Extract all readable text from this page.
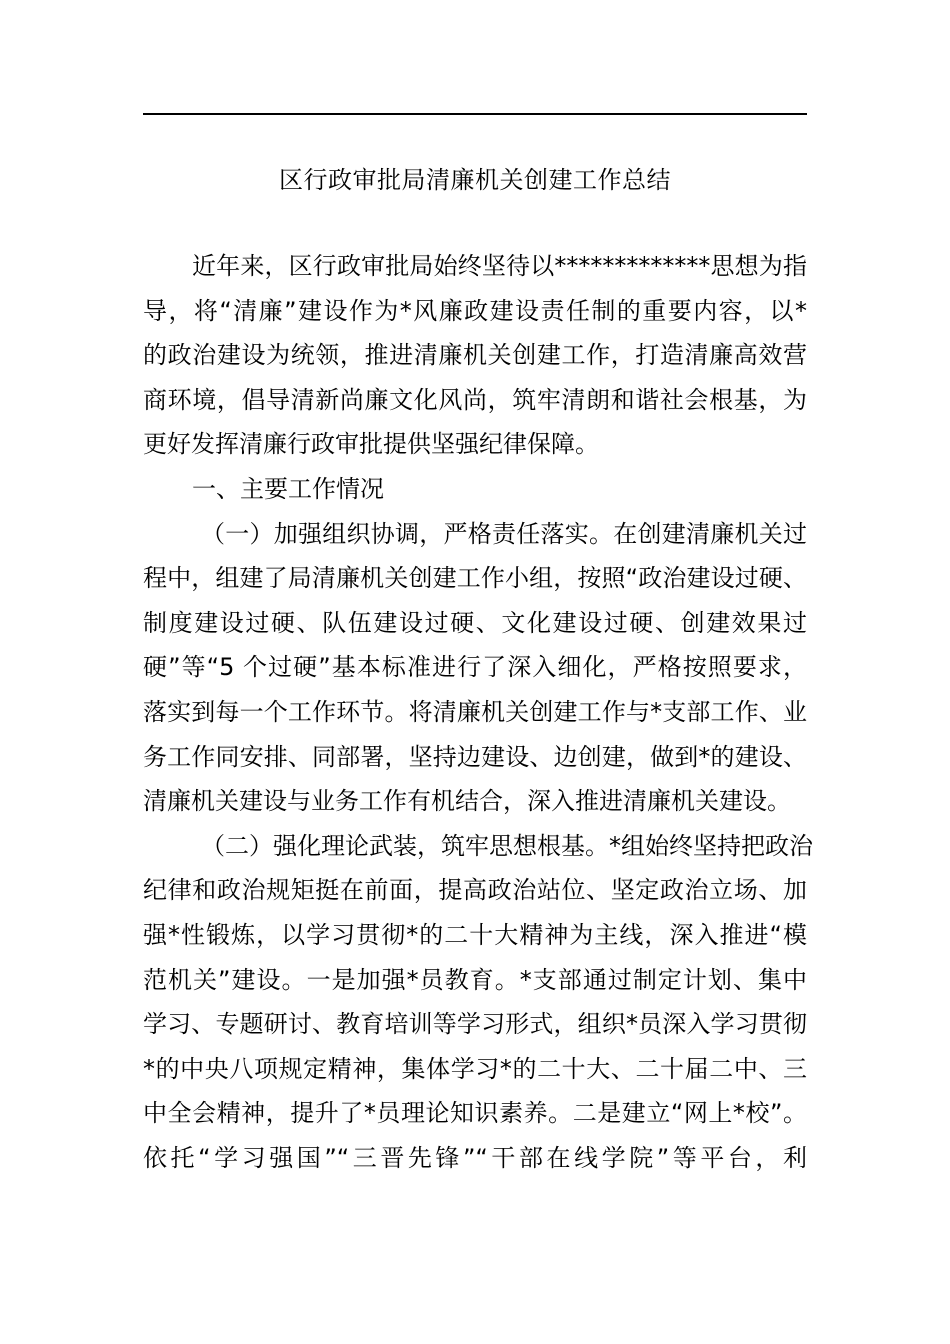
区行政审批局清廉机关创建工作总结
近年来，区行政审批局始终坚待以*************思想为指
导，将“清廉”建设作为*风廉政建设责任制的重要内容，以*
的政治建设为统领，推进清廉机关创建工作，打造清廉高效营
商环境，倡导清新尚廉文化风尚，筑牢清朗和谐社会根基，为
更好发挥清廉行政审批提供坚强纪律保障。
一、主要工作情况
（一）加强组织协调，严格责任落实。在创建清廉机关过
程中，组建了局清廉机关创建工作小组，按照“政治建设过硬、
制度建设过硬、队伍建设过硬、文化建设过硬、创建效果过
硬”等“5 个过硬”基本标准进行了深入细化，严格按照要求，
落实到每一个工作环节。将清廉机关创建工作与*支部工作、业
务工作同安排、同部署，坚持边建设、边创建，做到*的建设、
清廉机关建设与业务工作有机结合，深入推进清廉机关建设。
（二）强化理论武装，筑牢思想根基。*组始终坚持把政治
纪律和政治规矩挺在前面，提高政治站位、坚定政治立场、加
强*性锻炼，以学习贯彻*的二十大精神为主线，深入推进“模
范机关”建设。一是加强*员教育。*支部通过制定计划、集中
学习、专题研讨、教育培训等学习形式，组织*员深入学习贯彻
*的中央八项规定精神，集体学习*的二十大、二十届二中、三
中全会精神，提升了*员理论知识素养。二是建立“网上*校”。
依托“学习强国”“三晋先锋”“干部在线学院”等平台，利
